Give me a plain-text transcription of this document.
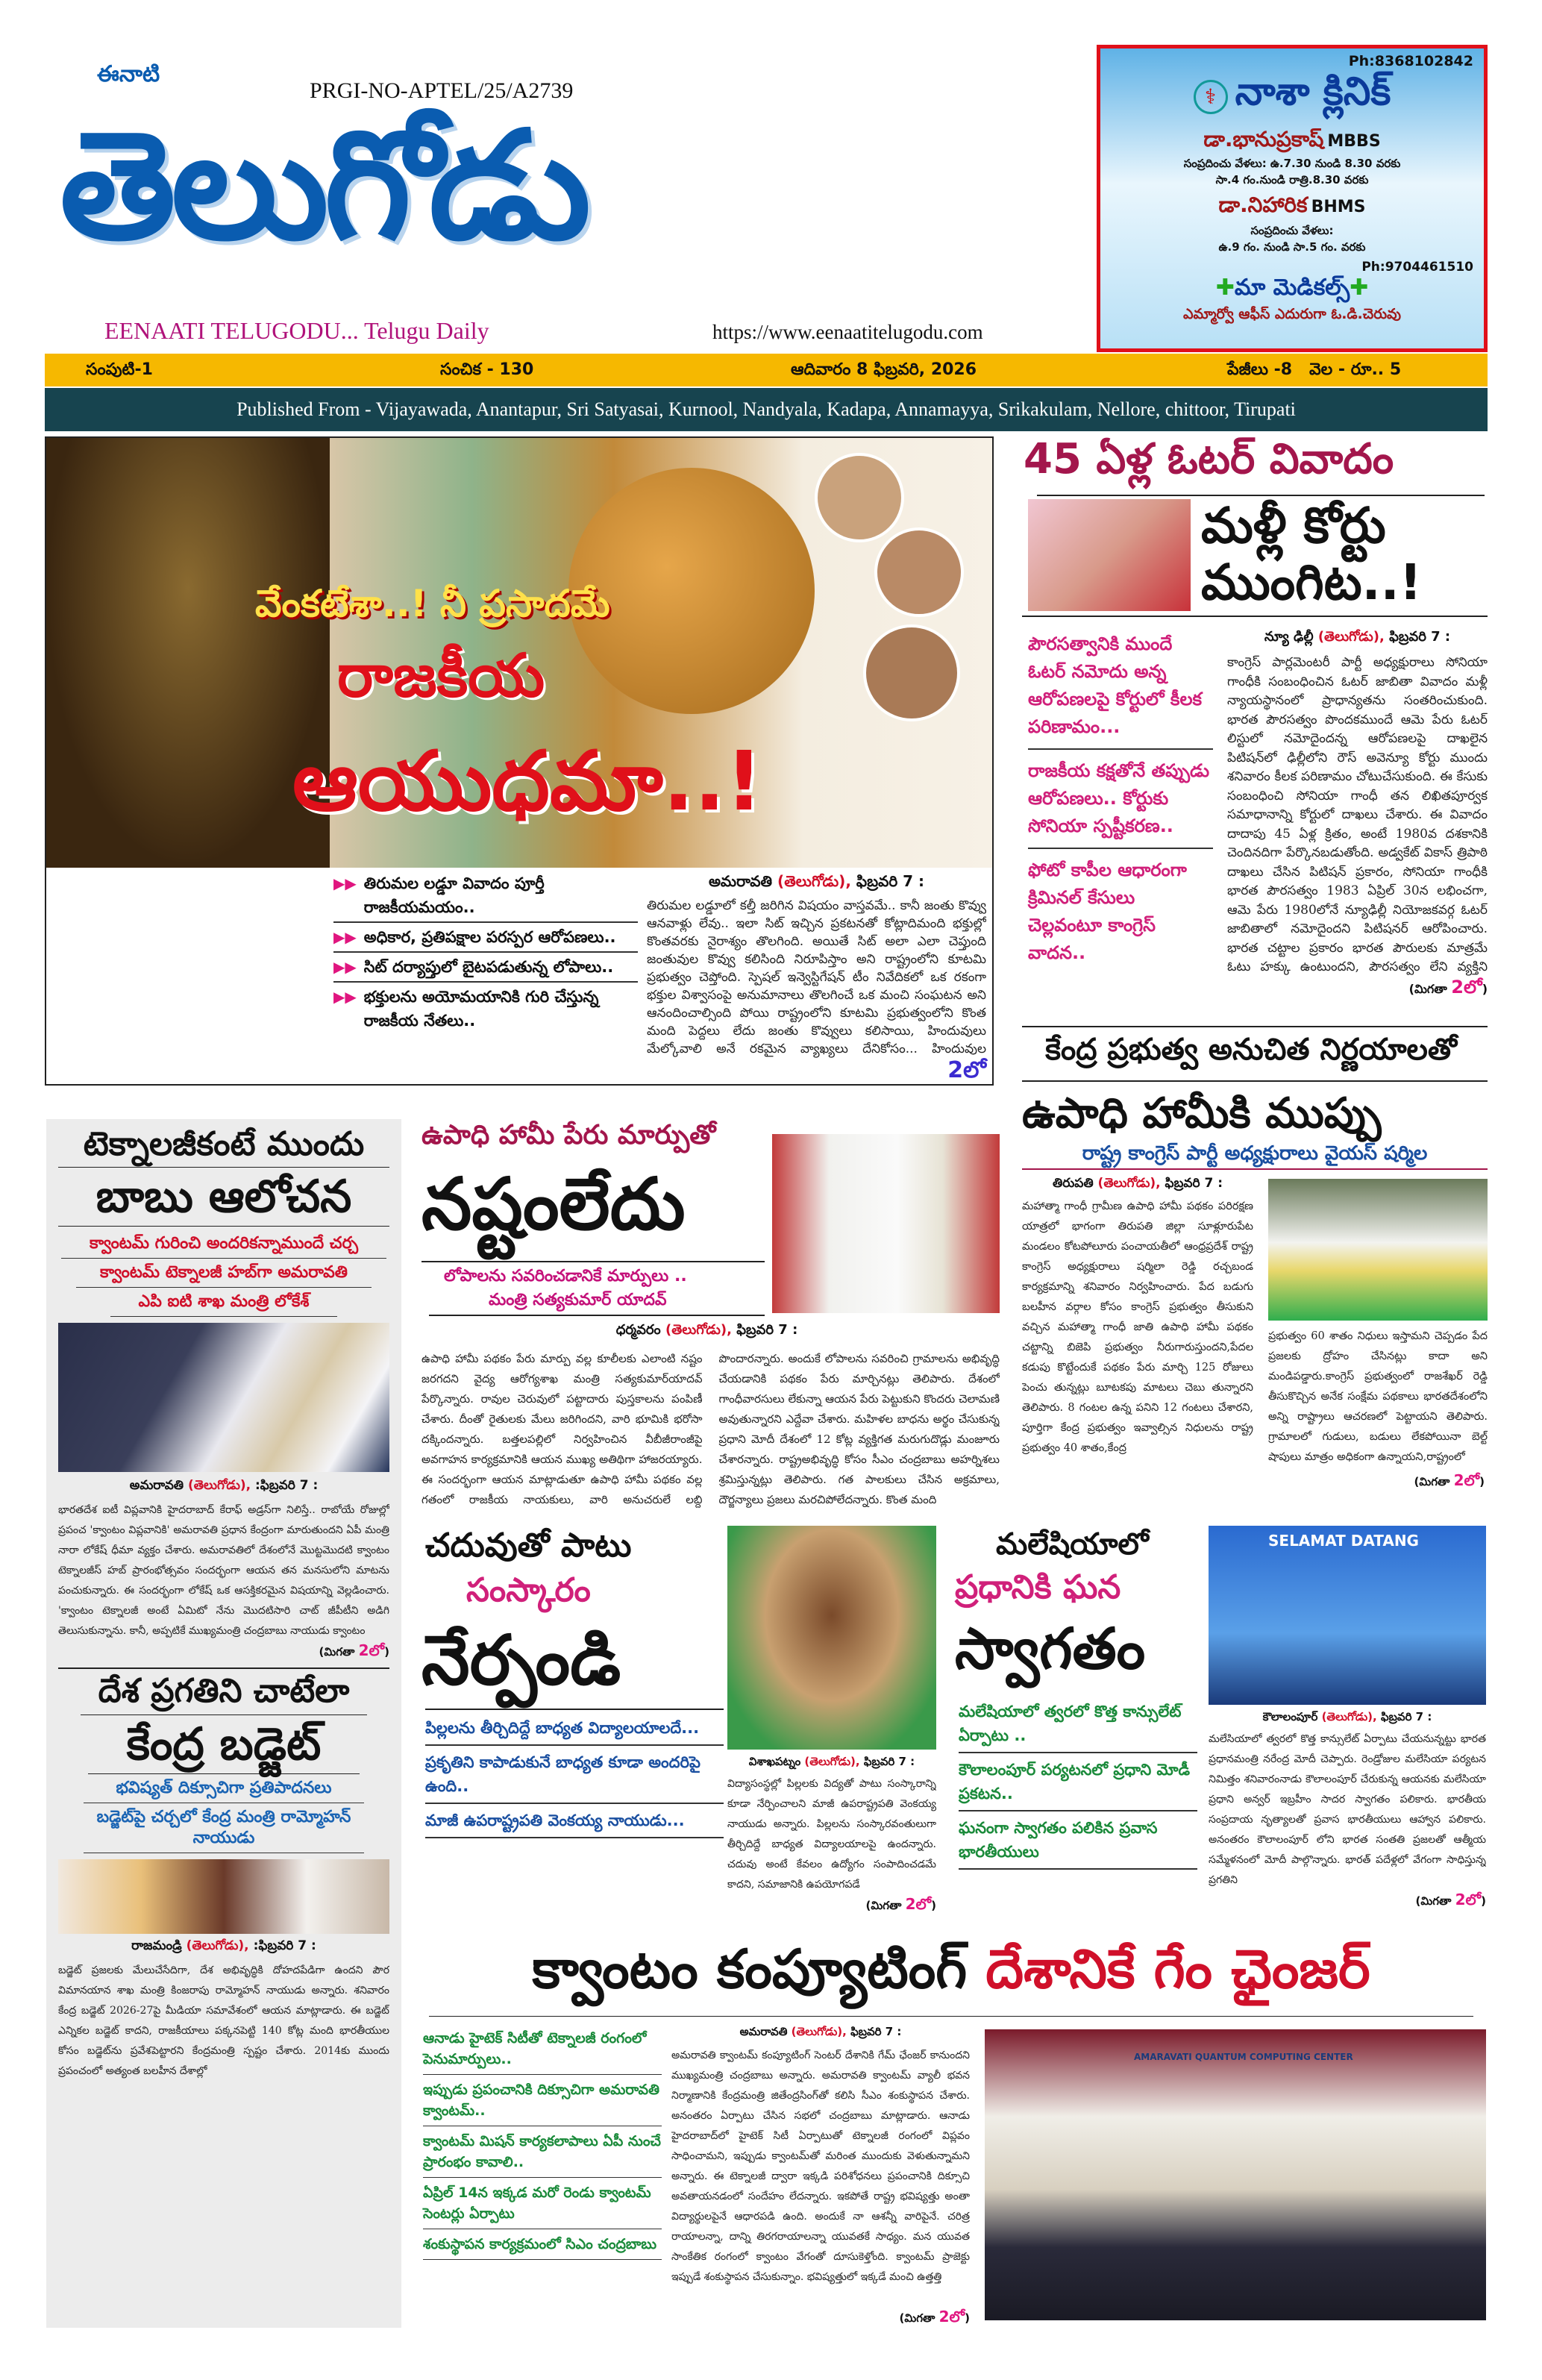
ఈనాటి
PRGI-NO-APTEL/25/A2739
తెలుగోడు
EENAATI TELUGODU... Telugu Daily	https://www.eenaatitelugodu.com
Ph:8368102842
⚕ నాశా క్లినిక్
డా.భానుప్రకాష్ MBBS
సంప్రదించు వేళలు: ఉ.7.30 నుండి 8.30 వరకు
సా.4 గం.నుండి రాత్రి.8.30 వరకు
డా.నిహారిక BHMS
సంప్రదించు వేళలు:
ఉ.9 గం. నుండి సా.5 గం. వరకు
Ph:9704461510
✚మా మెడికల్స్✚
ఎమ్మార్వో ఆఫీస్ ఎదురుగా ఓ.డి.చెరువు
సంపుటి-1	సంచిక - 130	ఆదివారం 8 ఫిబ్రవరి, 2026	పేజీలు -8   వెల - రూ.. 5
Published From - Vijayawada, Anantapur, Sri Satyasai, Kurnool, Nandyala, Kadapa, Annamayya, Srikakulam, Nellore, chittoor, Tirupati
వేంకటేశా..! నీ ప్రసాదమే
రాజకీయ
ఆయుధమా..!
▶▶ తిరుమల లడ్డూ వివాదం పూర్తీ రాజకీయమయం..
▶▶ అధికార, ప్రతిపక్షాల పరస్పర ఆరోపణలు..
▶▶ సిట్ దర్యాప్తులో బైటపడుతున్న లోపాలు..
▶▶ భక్తులను అయోమయానికి గురి చేస్తున్న రాజకీయ నేతలు..
అమరావతి (తెలుగోడు), ఫిబ్రవరి 7 :
తిరుమల లడ్డూలో కల్తీ జరిగిన విషయం వాస్తవమే.. కానీ జంతు కొవ్వు ఆనవాళ్లు లేవు.. ఇలా సిట్ ఇచ్చిన ప్రకటనతో కోట్లాదిమంది భక్తుల్లో కొంతవరకు నైరాశ్యం తొలగింది. అయితే సిట్ అలా ఎలా చెప్తుంది జంతువుల కొవ్వు కలిసింది నిరూపిస్తాం అని రాష్ట్రంలోని కూటమి ప్రభుత్వం చెప్తోంది. స్పెషల్ ఇన్వెస్టిగేషన్ టీం నివేదికలో ఒక రకంగా భక్తుల విశ్వాసంపై అనుమానాలు తొలగించే ఒక మంచి సంఘటన అని ఆనందించాల్సింది పోయి రాష్ట్రంలోని కూటమి ప్రభుత్వంలోని కొంత మంది పెద్దలు లేదు జంతు కొవ్వులు కలిసాయి, హిందువులు మేల్కోవాలి అనే రకమైన వ్యాఖ్యలు దేనికోసం... హిందువుల
2లో
45 ఏళ్ల ఓటర్ వివాదం
మళ్లీ కోర్టు ముంగిట..!
పౌరసత్వానికి ముందే ఓటర్ నమోదు అన్న ఆరోపణలపై కోర్టులో కీలక పరిణామం...
రాజకీయ కక్షతోనే తప్పుడు ఆరోపణలు.. కోర్టుకు సోనియా స్పష్టీకరణ..
ఫోటో కాపీల ఆధారంగా క్రిమినల్ కేసులు చెల్లవంటూ కాంగ్రెస్ వాదన..
న్యూ ఢిల్లీ (తెలుగోడు), ఫిబ్రవరి 7 :
కాంగ్రెస్ పార్లమెంటరీ పార్టీ అధ్యక్షురాలు సోనియా గాంధీకి సంబంధించిన ఓటర్ జాబితా వివాదం మళ్లీ న్యాయస్థానంలో ప్రాధాన్యతను సంతరించుకుంది. భారత పౌరసత్వం పొందకముందే ఆమె పేరు ఓటర్ లిస్టులో నమోదైందన్న ఆరోపణలపై దాఖలైన పిటిషన్‌లో ఢిల్లీలోని రౌస్ అవెన్యూ కోర్టు ముందు శనివారం కీలక పరిణామం చోటుచేసుకుంది. ఈ కేసుకు సంబంధించి సోనియా గాంధీ తన లిఖితపూర్వక సమాధానాన్ని కోర్టులో దాఖలు చేశారు. ఈ వివాదం దాదాపు 45 ఏళ్ల క్రితం, అంటే 1980వ దశకానికి చెందినదిగా పేర్కొనబడుతోంది. అడ్వకేట్ వికాస్ త్రిపాఠి దాఖలు చేసిన పిటిషన్ ప్రకారం, సోనియా గాంధీకి భారత పౌరసత్వం 1983 ఏప్రిల్ 30న లభించగా, ఆమె పేరు 1980లోనే న్యూఢిల్లీ నియోజకవర్గ ఓటర్ జాబితాలో నమోదైందని పిటిషనర్ ఆరోపించారు. భారత చట్టాల ప్రకారం భారత పౌరులకు మాత్రమే ఓటు హక్కు ఉంటుందని, పౌరసత్వం లేని వ్యక్తిని
(మిగతా 2లో)
కేంద్ర ప్రభుత్వ అనుచిత నిర్ణయాలతో
టెక్నాలజీకంటే ముందు
బాబు ఆలోచన
క్వాంటమ్ గురించి అందరికన్నాముందే చర్చ
క్వాంటమ్ టెక్నాలజీ హబ్‌గా అమరావతి
ఎపి ఐటి శాఖ మంత్రి లోకేశ్
అమరావతి (తెలుగోడు), :ఫిబ్రవరి 7 :
భారతదేశ ఐటీ విప్లవానికి హైదరాబాద్ కేరాఫ్ అడ్రస్‌గా నిలిస్తే.. రాబోయే రోజుల్లో ప్రపంచ 'క్వాంటం విప్లవానికి' అమరావతి ప్రధాన కేంద్రంగా మారుతుందని ఏపీ మంత్రి నారా లోకేష్ ధీమా వ్యక్తం చేశారు. అమరావతిలో దేశంలోనే మొట్టమొదటి క్వాంటం టెక్నాలజీస్ హబ్ ప్రారంభోత్సవం సందర్భంగా ఆయన తన మనసులోని మాటను పంచుకున్నారు. ఈ సందర్భంగా లోకేష్ ఒక ఆసక్తికరమైన విషయాన్ని వెల్లడించారు. 'క్వాంటం టెక్నాలజీ అంటే ఏమిటో నేను మొదటిసారి చాట్ జీపీటీని అడిగి తెలుసుకున్నాను. కానీ, అప్పటికే ముఖ్యమంత్రి చంద్రబాబు నాయుడు క్వాంటం
(మిగతా 2లో)
దేశ ప్రగతిని చాటేలా
కేంద్ర బడ్జెట్
భవిష్యత్ దిక్సూచిగా ప్రతిపాదనలు
బడ్జెట్‌పై చర్చలో కేంద్ర మంత్రి రామ్మోహన్ నాయుడు
రాజమండ్రి (తెలుగోడు), :ఫిబ్రవరి 7 :
బడ్జెట్ ప్రజలకు మేలుచేసేదిగా, దేశ అభివృద్ధికి దోహదపేడిగా ఉందని పౌర విమానయాన శాఖ మంత్రి కింజరాపు రామ్మోహన్ నాయుడు అన్నారు. శనివారం కేంద్ర బడ్జెట్ 2026-27పై మీడియా సమావేశంలో ఆయన మాట్లాడారు. ఈ బడ్జెట్ ఎన్నికల బడ్జెట్ కాదని, రాజకీయాలు పక్కనపెట్టి 140 కోట్ల మంది భారతీయుల కోసం బడ్జెట్‌ను ప్రవేశపెట్టారని కేంద్రమంత్రి స్పష్టం చేశారు. 2014కు ముందు ప్రపంచంలో అత్యంత బలహీన దేశాల్లో
ఉపాధి హామీ పేరు మార్పుతో
నష్టంలేదు
లోపాలను సవరించడానికే మార్పులు ..
మంత్రి సత్యకుమార్ యాదవ్
ధర్మవరం (తెలుగోడు), ఫిబ్రవరి 7 :
ఉపాధి హామీ పథకం పేరు మార్పు వల్ల కూలీలకు ఎలాంటి నష్టం జరగదని వైద్య ఆరోగ్యశాఖ మంత్రి సత్యకుమార్‌యాదవ్ పేర్కొన్నారు. రావుల చెరువులో పట్టాదారు పుస్తకాలను పంపిణీ చేశారు. దీంతో రైతులకు మేలు జరిగిందని, వారి భూమికి భరోసా దక్కిందన్నారు. బత్తలపల్లిలో నిర్వహించిన వీబీజీరాంజీపై అవగాహన కార్యక్రమానికి ఆయన ముఖ్య అతిథిగా హాజరయ్యారు. ఈ సందర్భంగా ఆయన మాట్లాడుతూ ఉపాధి హామీ పథకం వల్ల గతంలో రాజకీయ నాయకులు, వారి అనుచరులే లబ్ది పొందారన్నారు. అందుకే లోపాలను సవరించి గ్రామాలను అభివృద్ధి చేయడానికి పథకం పేరు మార్చినట్లు తెలిపారు. దేశంలో గాంధీవారసులు లేకున్నా ఆయన పేరు పెట్టుకుని కొందరు చెలామణి అవుతున్నారని ఎద్దేవా చేశారు. మహిళల బాధను అర్థం చేసుకున్న ప్రధాని మోదీ దేశంలో 12 కోట్ల వ్యక్తిగత మరుగుదొడ్లు మంజూరు చేశారన్నారు. రాష్ట్రఅభివృద్ధి కోసం సీఎం చంద్రబాబు అహర్నిశలు శ్రమిస్తున్నట్లు తెలిపారు. గత పాలకులు చేసిన అక్రమాలు, దౌర్జన్యాలు ప్రజలు మరచిపోలేదన్నారు. కొంత మంది
ఉపాధి హామీకి ముప్పు
రాష్ట్ర కాంగ్రెస్ పార్టీ అధ్యక్షురాలు వైయస్ షర్మిల
తిరుపతి (తెలుగోడు), ఫిబ్రవరి 7 :
మహాత్మా గాంధీ గ్రామీణ ఉపాధి హామీ పథకం పరిరక్షణ యాత్రలో భాగంగా తిరుపతి జిల్లా సూళ్లూరుపేట మండలం కోటపోలూరు పంచాయతీలో ఆంధ్రప్రదేశ్ రాష్ట్ర కాంగ్రెస్ అధ్యక్షురాలు షర్మిలా రెడ్డి రచ్చబండ కార్యక్రమాన్ని శనివారం నిర్వహించారు. పేద బడుగు బలహీన వర్గాల కోసం కాంగ్రెస్ ప్రభుత్వం తీసుకుని వచ్చిన మహాత్మా గాంధీ జాతి ఉపాధి హామీ పథకం చట్టాన్ని బిజెపి ప్రభుత్వం నీరుగారుస్తుందని,పేదల కడుపు కొట్టేందుకే పథకం పేరు మార్చి 125 రోజులు పెంచు తున్నట్లు బూటకపు మాటలు చెబు తున్నారని తెలిపారు. 8 గంటల ఉన్న పనిని 12 గంటలు చేశారని, పూర్తిగా కేంద్ర ప్రభుత్వం ఇవ్వాల్సిన నిధులను రాష్ట్ర ప్రభుత్వం 40 శాతం,కేంద్ర
ప్రభుత్వం 60 శాతం నిధులు ఇస్తామని చెప్పడం పేద ప్రజలకు ద్రోహం చేసినట్లు కాదా అని మండిపడ్డారు.కాంగ్రెస్ ప్రభుత్వంలో రాజశేఖర్ రెడ్డి తీసుకొచ్చిన అనేక సంక్షేమ పథకాలు భారతదేశంలోని అన్ని రాష్ట్రాలు ఆచరణలో పెట్టాయని తెలిపారు. గ్రామాలలో గుడులు, బడులు లేకపోయినా బెల్ట్ షాపులు మాత్రం అధికంగా ఉన్నాయని,రాష్ట్రంలో
(మిగతా 2లో)
చదువుతో పాటు
సంస్కారం
నేర్పండి
పిల్లలను తీర్చిదిద్దే బాధ్యత విద్యాలయాలదే...
ప్రకృతిని కాపాడుకునే బాధ్యత కూడా అందరిపై ఉంది..
మాజీ ఉపరాష్ట్రపతి వెంకయ్య నాయుడు...
విశాఖపట్నం (తెలుగోడు), ఫిబ్రవరి 7 :
విద్యాసంస్థల్లో పిల్లలకు విద్యతో పాటు సంస్కారాన్ని కూడా నేర్పించాలని మాజీ ఉపరాష్ట్రపతి వెంకయ్య నాయుడు అన్నారు. పిల్లలను సంస్కారవంతులుగా తీర్చిదిద్దే బాధ్యత విద్యాలయాలపై ఉందన్నారు. చదువు అంటే కేవలం ఉద్యోగం సంపాదించడమే కాదని, సమాజానికి ఉపయోగపడే
(మిగతా 2లో)
మలేషియాలో
ప్రధానికి ఘన
స్వాగతం
మలేషియాలో త్వరలో కొత్త కాన్సులేట్ ఏర్పాటు ..
కౌలాలంపూర్ పర్యటనలో ప్రధాని మోడీ ప్రకటన..
ఘనంగా స్వాగతం పలికిన ప్రవాస భారతీయులు
SELAMAT DATANG
కౌలాలంపూర్ (తెలుగోడు), ఫిబ్రవరి 7 :
మలేసియాలో త్వరలో కొత్త కాన్సులేట్ ఏర్పాటు చేయనున్నట్టు భారత ప్రధానమంత్రి నరేంద్ర మోదీ చెప్పారు. రెండ్రోజుల మలేసియా పర్యటన నిమిత్తం శనివారంనాడు కౌలాలంపూర్ చేరుకున్న ఆయనకు మలేసియా ప్రధాని అన్వర్ ఇబ్రహీం సాదర స్వాగతం పలికారు. భారతీయ సంప్రదాయ నృత్యాలతో ప్రవాస భారతీయులు ఆహ్వాన పలికారు. అనంతరం కౌలాలంపూర్ లోని భారత సంతతి ప్రజలతో ఆత్మీయ సమ్మేళనంలో మోదీ పాల్గొన్నారు. భారత్ పదేళ్లలో వేగంగా సాధిస్తున్న ప్రగతిని
(మిగతా 2లో)
క్వాంటం కంప్యూటింగ్ దేశానికే గేం ఛైంజర్
ఆనాడు హైటెక్ సిటీతో టెక్నాలజీ రంగంలో పెనుమార్పులు..
ఇప్పుడు ప్రపంచానికి దిక్సూచిగా అమరావతి క్వాంటమ్..
క్వాంటమ్ మిషన్ కార్యకలాపాలు ఏపీ నుంచే ప్రారంభం కావాలి..
ఏప్రిల్ 14న ఇక్కడ మరో రెండు క్వాంటమ్ సెంటర్లు ఏర్పాటు
శంకుస్థాపన కార్యక్రమంలో సిఎం చంద్రబాబు
అమరావతి (తెలుగోడు), ఫిబ్రవరి 7 :
అమరావతి క్వాంటమ్ కంప్యూటింగ్ సెంటర్ దేశానికి గేమ్ ఛేంజర్ కానుందని ముఖ్యమంత్రి చంద్రబాబు అన్నారు. అమరావతి క్వాంటమ్ వ్యాలీ భవన నిర్మాణానికి కేంద్రమంత్రి జితేంద్రసింగ్‌తో కలిసి సీఎం శంకుస్థాపన చేశారు. అనంతరం ఏర్పాటు చేసిన సభలో చంద్రబాబు మాట్లాడారు. ఆనాడు హైదరాబాద్‌లో హైటెక్ సిటీ ఏర్పాటుతో టెక్నాలజీ రంగంలో విప్లవం సాధించామని, ఇప్పుడు క్వాంటమ్‌తో మరింత ముందుకు వెళుతున్నామని అన్నారు. ఈ టెక్నాలజీ ద్వారా ఇక్కడి పరిశోధనలు ప్రపంచానికి దిక్సూచి అవతాయనడంలో సందేహం లేదన్నారు. ఇకపోతే రాష్ట్ర భవిష్యత్తు అంతా విద్యార్థులపైనే ఆధారపడి ఉంది. అందుకే నా ఆశన్నీ వారిపైనే. చరిత్ర రాయాలన్నా, దాన్ని తిరగరాయాలన్నా యువతకే సాధ్యం. మన యువత సాంకేతిక రంగంలో క్వాంటం వేగంతో దూసుకెళ్తోంది. క్వాంటమ్ ప్రాజెక్టు ఇప్పుడే శంకుస్థాపన చేసుకున్నాం. భవిష్యత్తులో ఇక్కడే మంచి ఉత్తత్తి
(మిగతా 2లో)
AMARAVATI QUANTUM COMPUTING CENTER
